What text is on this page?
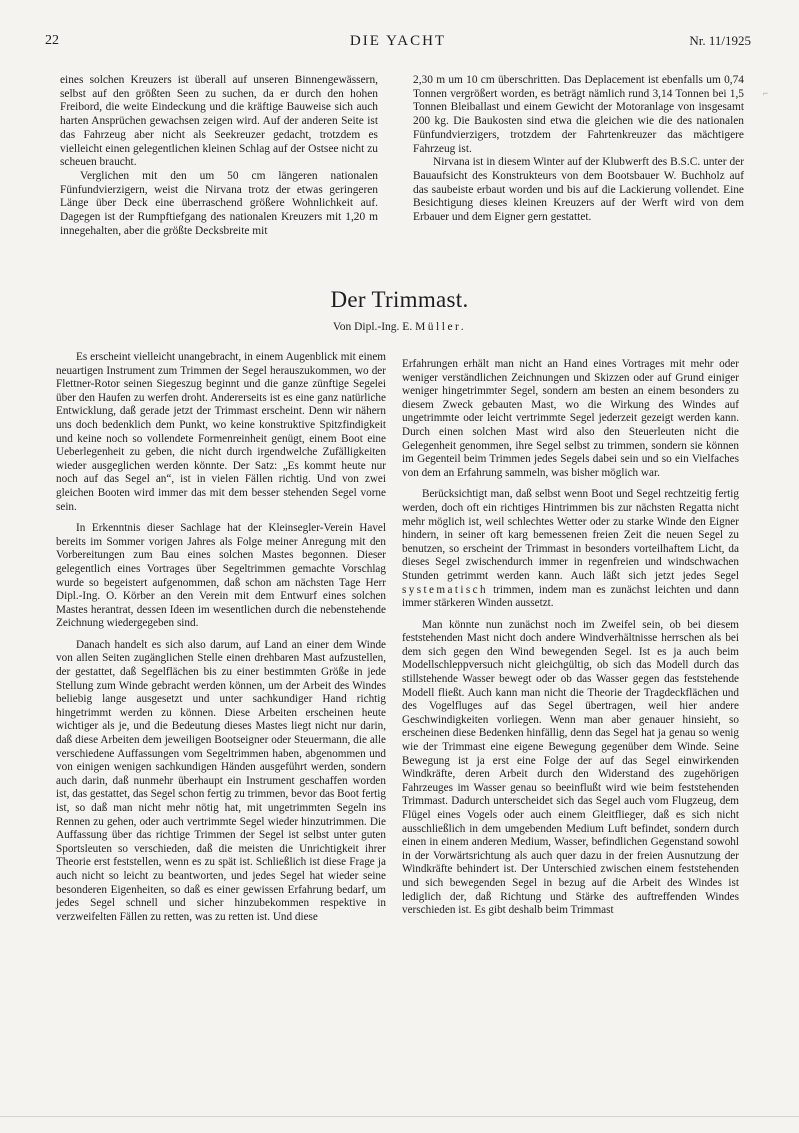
22	DIE YACHT	Nr. 11/1925

eines solchen Kreuzers ist überall auf unseren Binnengewässern, selbst auf den größten Seen zu suchen, da er durch den hohen Freibord, die weite Eindeckung und die kräftige Bauweise sich auch harten Ansprüchen gewachsen zeigen wird. Auf der anderen Seite ist das Fahrzeug aber nicht als Seekreuzer gedacht, trotzdem es vielleicht einen gelegentlichen kleinen Schlag auf der Ostsee nicht zu scheuen braucht.

Verglichen mit den um 50 cm längeren nationalen Fünfundvierzigern, weist die Nirvana trotz der etwas geringeren Länge über Deck eine überraschend größere Wohnlichkeit auf. Dagegen ist der Rumpftiefgang des nationalen Kreuzers mit 1,20 m innegehalten, aber die größte Decksbreite mit

2,30 m um 10 cm überschritten. Das Deplacement ist ebenfalls um 0,74 Tonnen vergrößert worden, es beträgt nämlich rund 3,14 Tonnen bei 1,5 Tonnen Bleiballast und einem Gewicht der Motoranlage von insgesamt 200 kg. Die Baukosten sind etwa die gleichen wie die des nationalen Fünfundvierzigers, trotzdem der Fahrtenkreuzer das mächtigere Fahrzeug ist.

Nirvana ist in diesem Winter auf der Klubwerft des B.S.C. unter der Bauaufsicht des Konstrukteurs von dem Bootsbauer W. Buchholz auf das saubeiste erbaut worden und bis auf die Lackierung vollendet. Eine Besichtigung dieses kleinen Kreuzers auf der Werft wird von dem Erbauer und dem Eigner gern gestattet.

⌐
Der Trimmast.
Von Dipl.-Ing. E. Müller.

Es erscheint vielleicht unangebracht, in einem Augenblick mit einem neuartigen Instrument zum Trimmen der Segel herauszukommen, wo der Flettner-Rotor seinen Siegeszug beginnt und die ganze zünftige Segelei über den Haufen zu werfen droht. Andererseits ist es eine ganz natürliche Entwicklung, daß gerade jetzt der Trimmast erscheint. Denn wir nähern uns doch bedenklich dem Punkt, wo keine konstruktive Spitzfindigkeit und keine noch so vollendete Formenreinheit genügt, einem Boot eine Ueberlegenheit zu geben, die nicht durch irgendwelche Zufälligkeiten wieder ausgeglichen werden könnte. Der Satz: „Es kommt heute nur noch auf das Segel an“, ist in vielen Fällen richtig. Und von zwei gleichen Booten wird immer das mit dem besser stehenden Segel vorne sein.

In Erkenntnis dieser Sachlage hat der Kleinsegler-Verein Havel bereits im Sommer vorigen Jahres als Folge meiner Anregung mit den Vorbereitungen zum Bau eines solchen Mastes begonnen. Dieser gelegentlich eines Vortrages über Segeltrimmen gemachte Vorschlag wurde so begeistert aufgenommen, daß schon am nächsten Tage Herr Dipl.-Ing. O. Körber an den Verein mit dem Entwurf eines solchen Mastes herantrat, dessen Ideen im wesentlichen durch die nebenstehende Zeichnung wiedergegeben sind.

Danach handelt es sich also darum, auf Land an einer dem Winde von allen Seiten zugänglichen Stelle einen drehbaren Mast aufzustellen, der gestattet, daß Segelflächen bis zu einer bestimmten Größe in jede Stellung zum Winde gebracht werden können, um der Arbeit des Windes beliebig lange ausgesetzt und unter sachkundiger Hand richtig hingetrimmt werden zu können. Diese Arbeiten erscheinen heute wichtiger als je, und die Bedeutung dieses Mastes liegt nicht nur darin, daß diese Arbeiten dem jeweiligen Bootseigner oder Steuermann, die alle verschiedene Auffassungen vom Segeltrimmen haben, abgenommen und von einigen wenigen sachkundigen Händen ausgeführt werden, sondern auch darin, daß nunmehr überhaupt ein Instrument geschaffen worden ist, das gestattet, das Segel schon fertig zu trimmen, bevor das Boot fertig ist, so daß man nicht mehr nötig hat, mit ungetrimmten Segeln ins Rennen zu gehen, oder auch vertrimmte Segel wieder hinzutrimmen. Die Auffassung über das richtige Trimmen der Segel ist selbst unter guten Sportsleuten so verschieden, daß die meisten die Unrichtigkeit ihrer Theorie erst feststellen, wenn es zu spät ist. Schließlich ist diese Frage ja auch nicht so leicht zu beantworten, und jedes Segel hat wieder seine besonderen Eigenheiten, so daß es einer gewissen Erfahrung bedarf, um jedes Segel schnell und sicher hinzubekommen respektive in verzweifelten Fällen zu retten, was zu retten ist. Und diese

Erfahrungen erhält man nicht an Hand eines Vortrages mit mehr oder weniger verständlichen Zeichnungen und Skizzen oder auf Grund einiger weniger hingetrimmter Segel, sondern am besten an einem besonders zu diesem Zweck gebauten Mast, wo die Wirkung des Windes auf ungetrimmte oder leicht vertrimmte Segel jederzeit gezeigt werden kann. Durch einen solchen Mast wird also den Steuerleuten nicht die Gelegenheit genommen, ihre Segel selbst zu trimmen, sondern sie können im Gegenteil beim Trimmen jedes Segels dabei sein und so ein Vielfaches von dem an Erfahrung sammeln, was bisher möglich war.

Berücksichtigt man, daß selbst wenn Boot und Segel rechtzeitig fertig werden, doch oft ein richtiges Hintrimmen bis zur nächsten Regatta nicht mehr möglich ist, weil schlechtes Wetter oder zu starke Winde den Eigner hindern, in seiner oft karg bemessenen freien Zeit die neuen Segel zu benutzen, so erscheint der Trimmast in besonders vorteilhaftem Licht, da dieses Segel zwischendurch immer in regenfreien und windschwachen Stunden getrimmt werden kann. Auch läßt sich jetzt jedes Segel systematisch trimmen, indem man es zunächst leichten und dann immer stärkeren Winden aussetzt.

Man könnte nun zunächst noch im Zweifel sein, ob bei diesem feststehenden Mast nicht doch andere Windverhältnisse herrschen als bei dem sich gegen den Wind bewegenden Segel. Ist es ja auch beim Modellschleppversuch nicht gleichgültig, ob sich das Modell durch das stillstehende Wasser bewegt oder ob das Wasser gegen das feststehende Modell fließt. Auch kann man nicht die Theorie der Tragdeckflächen und des Vogelfluges auf das Segel übertragen, weil hier andere Geschwindigkeiten vorliegen. Wenn man aber genauer hinsieht, so erscheinen diese Bedenken hinfällig, denn das Segel hat ja genau so wenig wie der Trimmast eine eigene Bewegung gegenüber dem Winde. Seine Bewegung ist ja erst eine Folge der auf das Segel einwirkenden Windkräfte, deren Arbeit durch den Widerstand des zugehörigen Fahrzeuges im Wasser genau so beeinflußt wird wie beim feststehenden Trimmast. Dadurch unterscheidet sich das Segel auch vom Flugzeug, dem Flügel eines Vogels oder auch einem Gleitflieger, daß es sich nicht ausschließlich in dem umgebenden Medium Luft befindet, sondern durch einen in einem anderen Medium, Wasser, befindlichen Gegenstand sowohl in der Vorwärtsrichtung als auch quer dazu in der freien Ausnutzung der Windkräfte behindert ist. Der Unterschied zwischen einem feststehenden und sich bewegenden Segel in bezug auf die Arbeit des Windes ist lediglich der, daß Richtung und Stärke des auftreffenden Windes verschieden ist. Es gibt deshalb beim Trimmast
